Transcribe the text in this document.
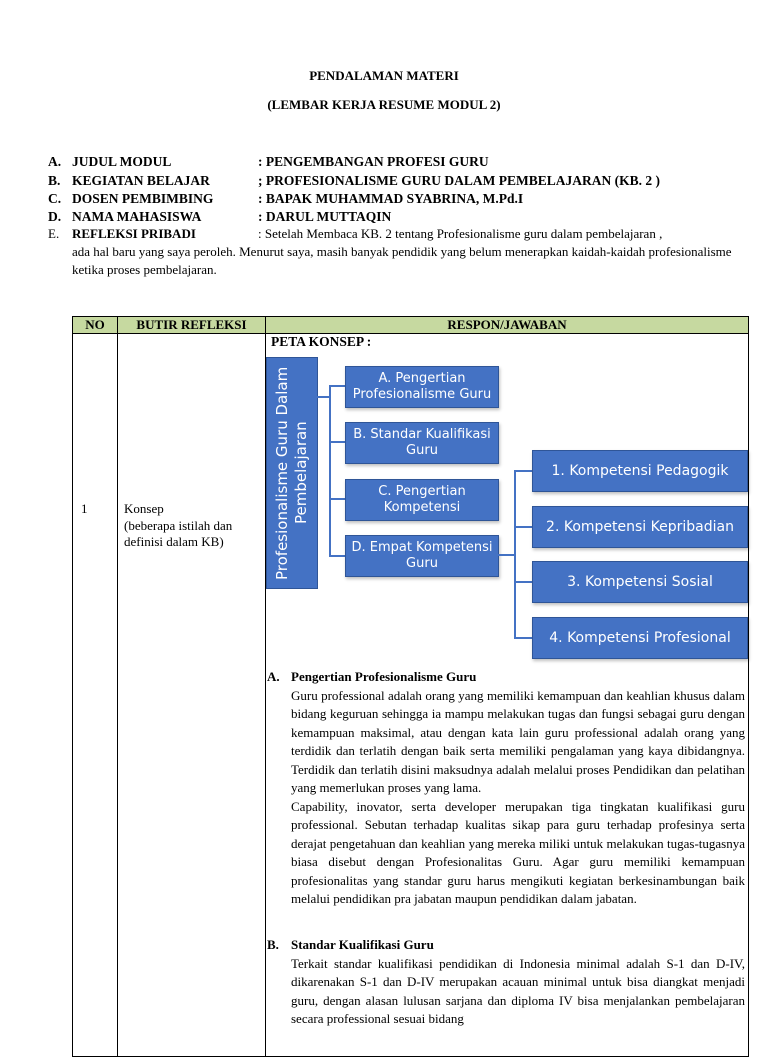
PENDALAMAN MATERI
(LEMBAR KERJA RESUME MODUL 2)
A. JUDUL MODUL	: PENGEMBANGAN PROFESI GURU
B. KEGIATAN BELAJAR	; PROFESIONALISME GURU DALAM PEMBELAJARAN (KB. 2 )
C. DOSEN PEMBIMBING	: BAPAK MUHAMMAD SYABRINA, M.Pd.I
D. NAMA MAHASISWA	: DARUL MUTTAQIN
E. REFLEKSI PRIBADI	: Setelah Membaca KB. 2 tentang Profesionalisme guru dalam pembelajaran ,

ada hal baru yang saya peroleh. Menurut saya, masih banyak pendidik yang belum menerapkan kaidah-kaidah profesionalisme ketika proses pembelajaran.

NO	BUTIR REFLEKSI	RESPON/JAWABAN

1	Konsep
(beberapa istilah dan definisi dalam KB)
PETA KONSEP :
Profesionalisme Guru Dalam Pembelajaran
A. Pengertian Profesionalisme Guru
B. Standar Kualifikasi Guru
C. Pengertian Kompetensi
D. Empat Kompetensi Guru
1. Kompetensi Pedagogik
2. Kompetensi Kepribadian
3. Kompetensi Sosial
4. Kompetensi Profesional
A. Pengertian Profesionalisme Guru

Guru professional adalah orang yang memiliki kemampuan dan keahlian khusus dalam bidang keguruan sehingga ia mampu melakukan tugas dan fungsi sebagai guru dengan kemampuan maksimal, atau dengan kata lain guru professional adalah orang yang terdidik dan terlatih dengan baik serta memiliki pengalaman yang kaya dibidangnya. Terdidik dan terlatih disini maksudnya adalah melalui proses Pendidikan dan pelatihan yang memerlukan proses yang lama.

Capability, inovator, serta developer merupakan tiga tingkatan kualifikasi guru professional. Sebutan terhadap kualitas sikap para guru terhadap profesinya serta derajat pengetahuan dan keahlian yang mereka miliki untuk melakukan tugas-tugasnya biasa disebut dengan Profesionalitas Guru. Agar guru memiliki kemampuan profesionalitas yang standar guru harus mengikuti kegiatan berkesinambungan baik melalui pendidikan pra jabatan maupun pendidikan dalam jabatan.

B. Standar Kualifikasi Guru

Terkait standar kualifikasi pendidikan di Indonesia minimal adalah S-1 dan D-IV, dikarenakan S-1 dan D-IV merupakan acauan minimal untuk bisa diangkat menjadi guru, dengan alasan lulusan sarjana dan diploma IV bisa menjalankan pembelajaran secara professional sesuai bidang
